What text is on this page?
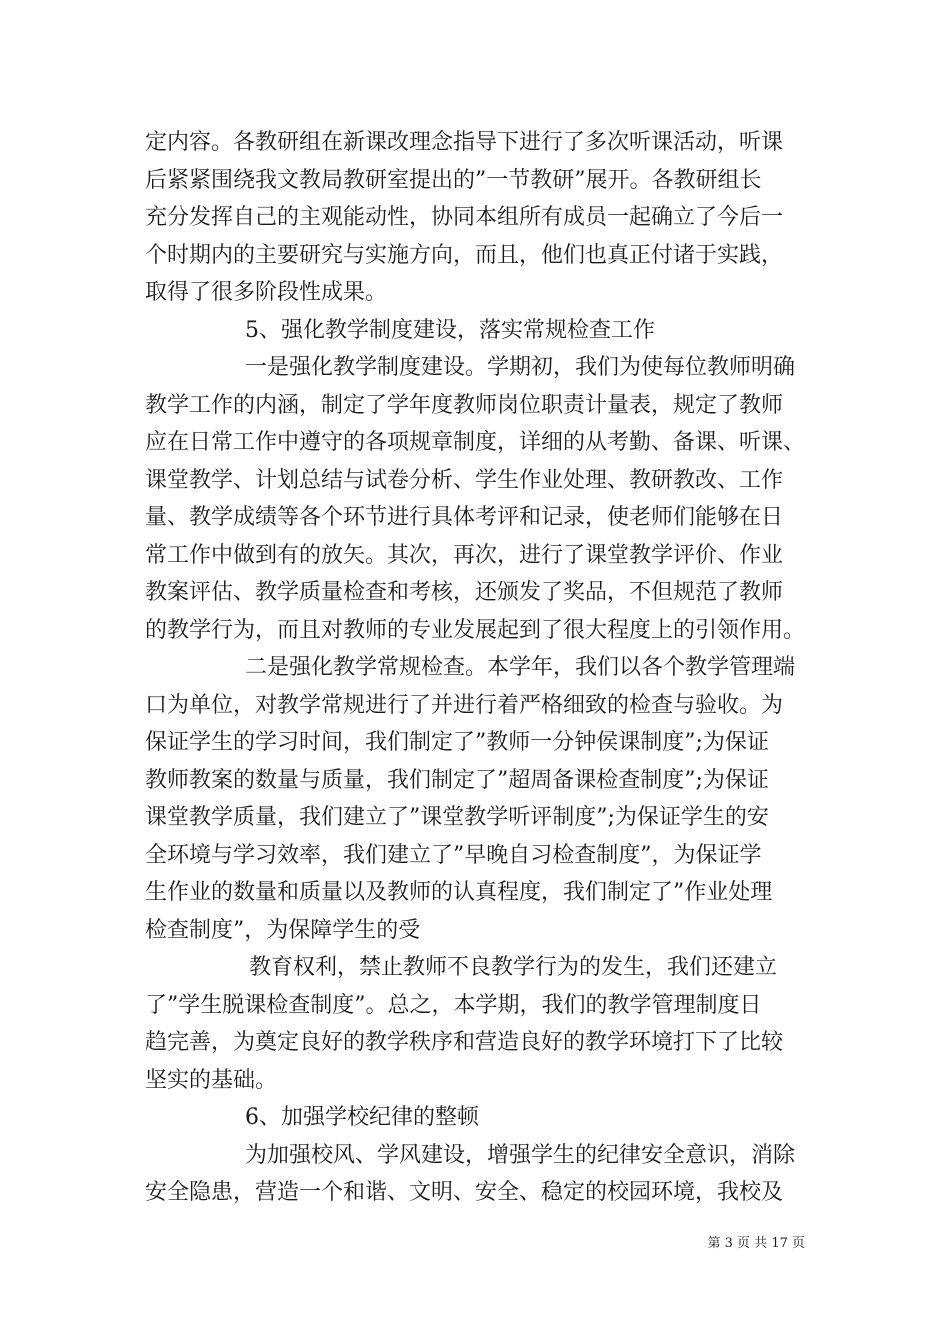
定内容。各教研组在新课改理念指导下进行了多次听课活动，听课
后紧紧围绕我文教局教研室提出的”一节教研”展开。各教研组长
充分发挥自己的主观能动性，协同本组所有成员一起确立了今后一
个时期内的主要研究与实施方向，而且，他们也真正付诸于实践，
取得了很多阶段性成果。
5、强化教学制度建设，落实常规检查工作
一是强化教学制度建设。学期初，我们为使每位教师明确
教学工作的内涵，制定了学年度教师岗位职责计量表，规定了教师
应在日常工作中遵守的各项规章制度，详细的从考勤、备课、听课、
课堂教学、计划总结与试卷分析、学生作业处理、教研教改、工作
量、教学成绩等各个环节进行具体考评和记录，使老师们能够在日
常工作中做到有的放矢。其次，再次，进行了课堂教学评价、作业
教案评估、教学质量检查和考核，还颁发了奖品，不但规范了教师
的教学行为，而且对教师的专业发展起到了很大程度上的引领作用。
二是强化教学常规检查。本学年，我们以各个教学管理端
口为单位，对教学常规进行了并进行着严格细致的检查与验收。为
保证学生的学习时间，我们制定了”教师一分钟侯课制度”;为保证
教师教案的数量与质量，我们制定了”超周备课检查制度”;为保证
课堂教学质量，我们建立了”课堂教学听评制度”;为保证学生的安
全环境与学习效率，我们建立了”早晚自习检查制度”，为保证学
生作业的数量和质量以及教师的认真程度，我们制定了”作业处理
检查制度”，为保障学生的受
教育权利，禁止教师不良教学行为的发生，我们还建立
了”学生脱课检查制度”。总之，本学期，我们的教学管理制度日
趋完善，为奠定良好的教学秩序和营造良好的教学环境打下了比较
坚实的基础。
6、加强学校纪律的整顿
为加强校风、学风建设，增强学生的纪律安全意识，消除
安全隐患，营造一个和谐、文明、安全、稳定的校园环境，我校及
第 3 页 共 17 页
